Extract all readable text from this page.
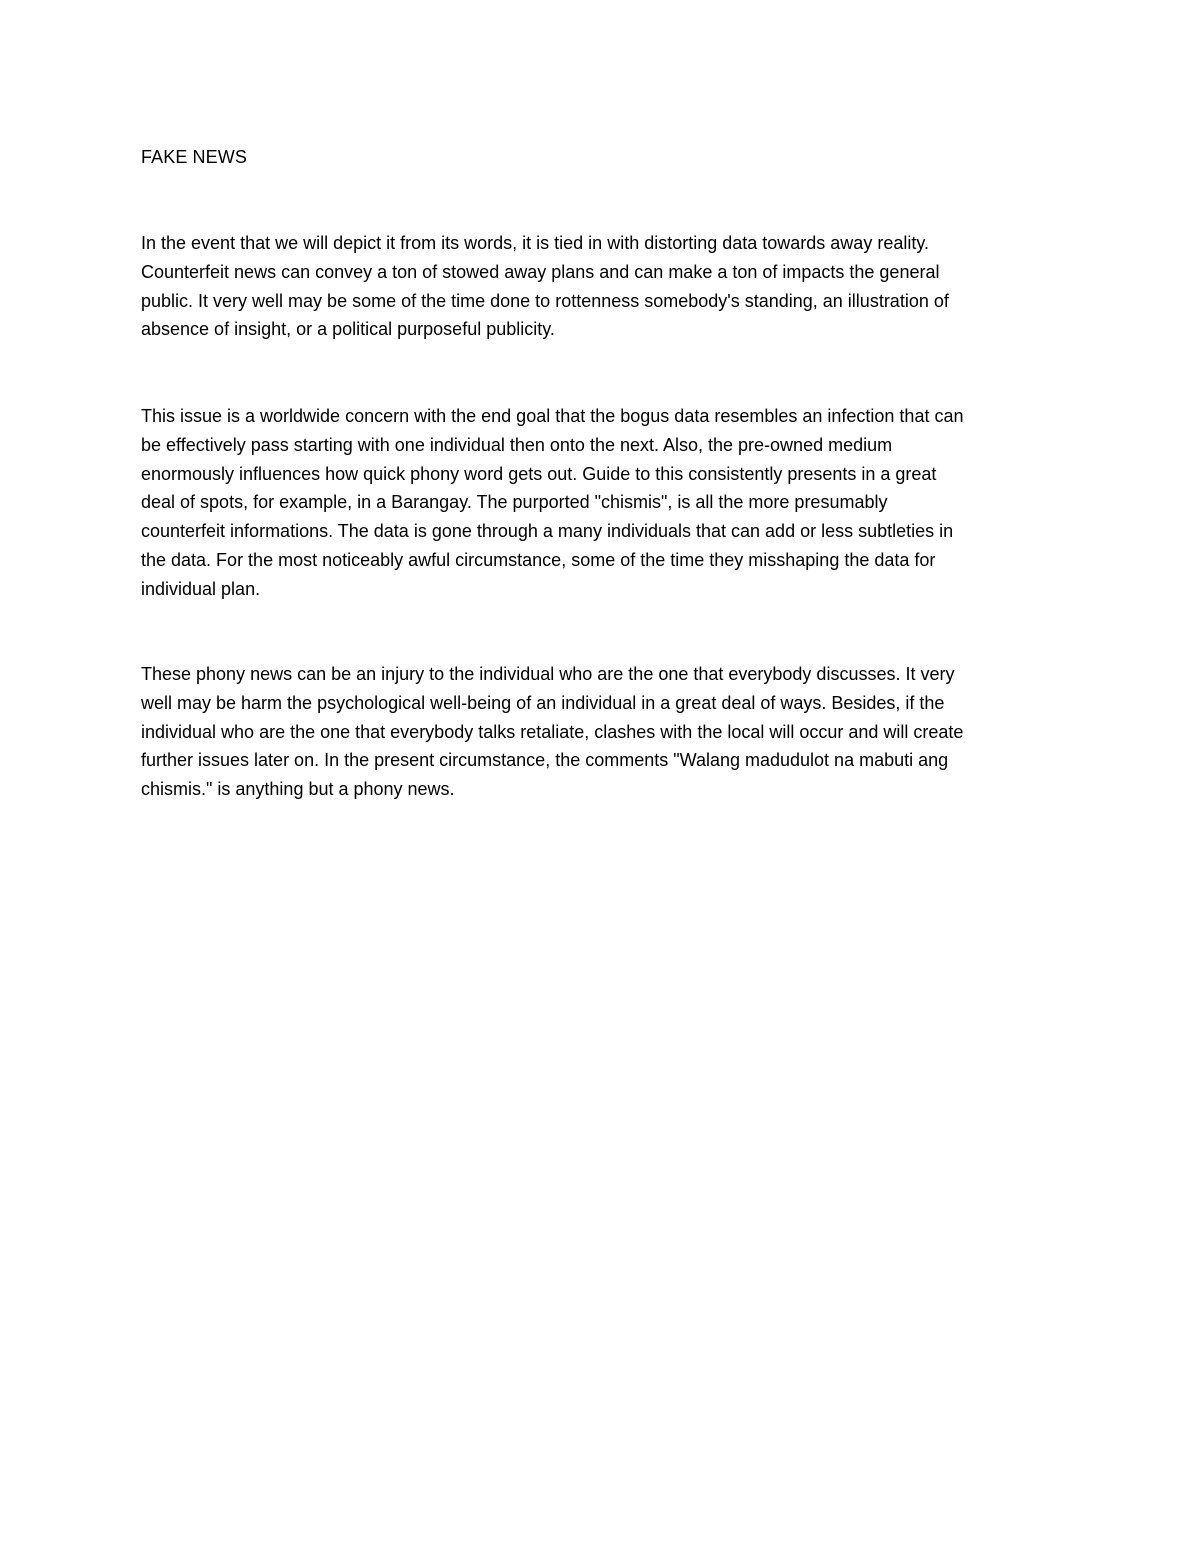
FAKE NEWS

In the event that we will depict it from its words, it is tied in with distorting data towards away reality.
Counterfeit news can convey a ton of stowed away plans and can make a ton of impacts the general
public. It very well may be some of the time done to rottenness somebody's standing, an illustration of
absence of insight, or a political purposeful publicity.

This issue is a worldwide concern with the end goal that the bogus data resembles an infection that can
be effectively pass starting with one individual then onto the next. Also, the pre-owned medium
enormously influences how quick phony word gets out. Guide to this consistently presents in a great
deal of spots, for example, in a Barangay. The purported "chismis", is all the more presumably
counterfeit informations. The data is gone through a many individuals that can add or less subtleties in
the data. For the most noticeably awful circumstance, some of the time they misshaping the data for
individual plan.

These phony news can be an injury to the individual who are the one that everybody discusses. It very
well may be harm the psychological well-being of an individual in a great deal of ways. Besides, if the
individual who are the one that everybody talks retaliate, clashes with the local will occur and will create
further issues later on. In the present circumstance, the comments "Walang madudulot na mabuti ang
chismis." is anything but a phony news.
